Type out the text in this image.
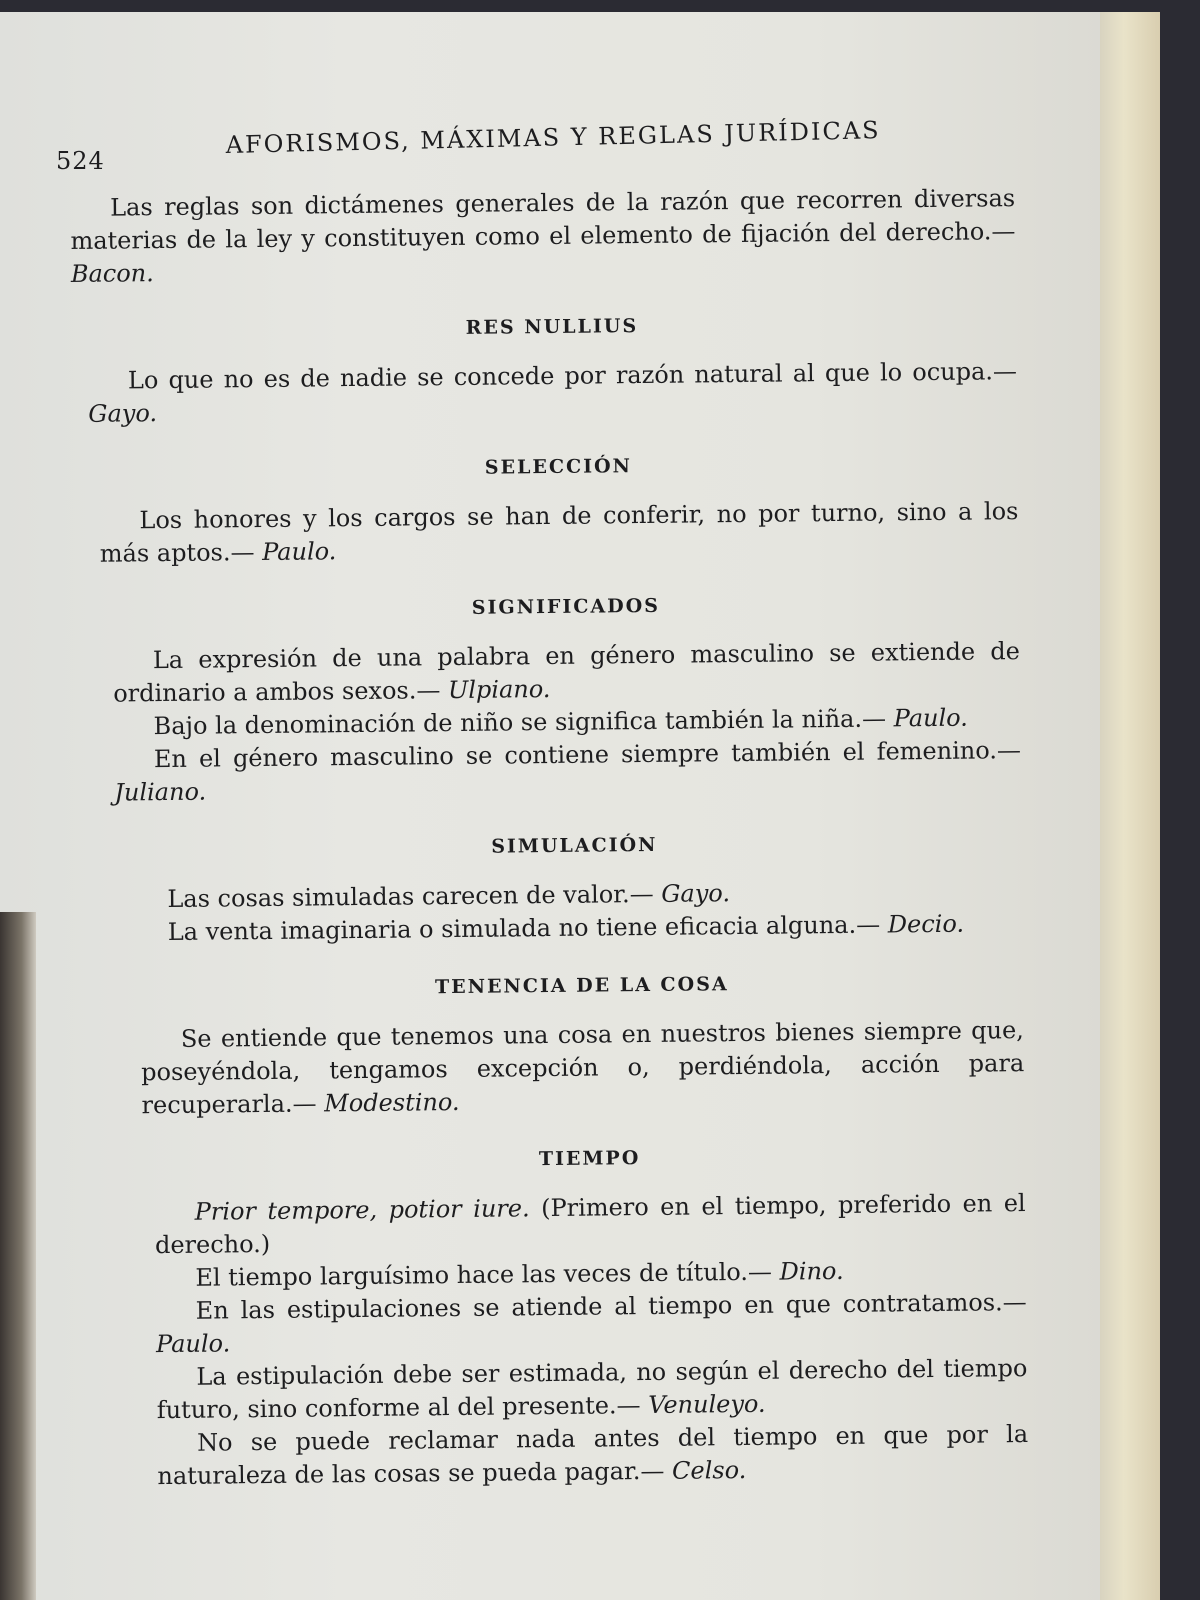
524
AFORISMOS, MÁXIMAS Y REGLAS JURÍDICAS

Las reglas son dictámenes generales de la razón que recorren diversas materias de la ley y constituyen como el elemento de fijación del derecho.— Bacon.

RES NULLIUS

Lo que no es de nadie se concede por razón natural al que lo ocupa.— Gayo.

SELECCIÓN

Los honores y los cargos se han de conferir, no por turno, sino a los más aptos.— Paulo.

SIGNIFICADOS

La expresión de una palabra en género masculino se extiende de ordinario a ambos sexos.— Ulpiano.

Bajo la denominación de niño se significa también la niña.— Paulo.

En el género masculino se contiene siempre también el femenino.— Juliano.

SIMULACIÓN

Las cosas simuladas carecen de valor.— Gayo.

La venta imaginaria o simulada no tiene eficacia alguna.— Decio.

TENENCIA DE LA COSA

Se entiende que tenemos una cosa en nuestros bienes siempre que, poseyéndola, tengamos excepción o, perdiéndola, acción para recuperarla.— Modestino.

TIEMPO

Prior tempore, potior iure. (Primero en el tiempo, preferido en el derecho.)

El tiempo larguísimo hace las veces de título.— Dino.

En las estipulaciones se atiende al tiempo en que contratamos.— Paulo.

La estipulación debe ser estimada, no según el derecho del tiempo futuro, sino conforme al del presente.— Venuleyo.

No se puede reclamar nada antes del tiempo en que por la naturaleza de las cosas se pueda pagar.— Celso.
